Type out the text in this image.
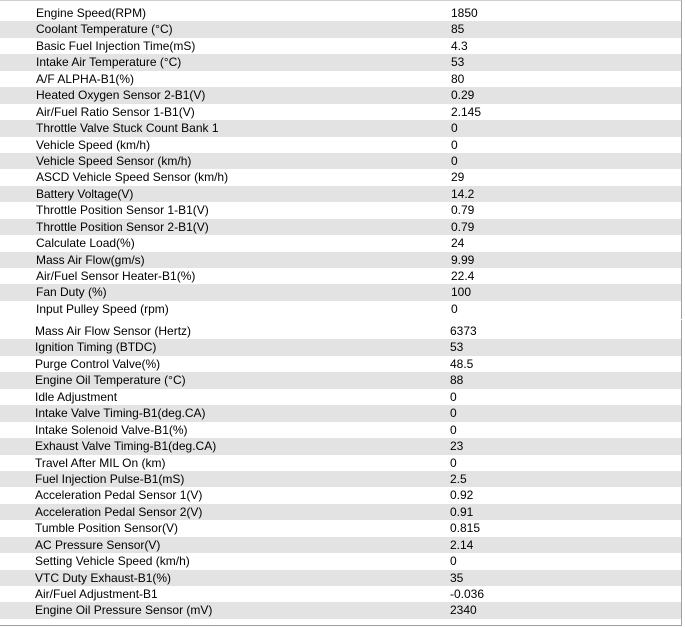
Engine Speed(RPM)	1850
Coolant Temperature (°C)	85
Basic Fuel Injection Time(mS)	4.3
Intake Air Temperature (°C)	53
A/F ALPHA-B1(%)	80
Heated Oxygen Sensor 2-B1(V)	0.29
Air/Fuel Ratio Sensor 1-B1(V)	2.145
Throttle Valve Stuck Count Bank 1	0
Vehicle Speed (km/h)	0
Vehicle Speed Sensor (km/h)	0
ASCD Vehicle Speed Sensor (km/h)	29
Battery Voltage(V)	14.2
Throttle Position Sensor 1-B1(V)	0.79
Throttle Position Sensor 2-B1(V)	0.79
Calculate Load(%)	24
Mass Air Flow(gm/s)	9.99
Air/Fuel Sensor Heater-B1(%)	22.4
Fan Duty (%)	100
Input Pulley Speed (rpm)	0
Mass Air Flow Sensor (Hertz)	6373
Ignition Timing (BTDC)	53
Purge Control Valve(%)	48.5
Engine Oil Temperature (°C)	88
Idle Adjustment	0
Intake Valve Timing-B1(deg.CA)	0
Intake Solenoid Valve-B1(%)	0
Exhaust Valve Timing-B1(deg.CA)	23
Travel After MIL On (km)	0
Fuel Injection Pulse-B1(mS)	2.5
Acceleration Pedal Sensor 1(V)	0.92
Acceleration Pedal Sensor 2(V)	0.91
Tumble Position Sensor(V)	0.815
AC Pressure Sensor(V)	2.14
Setting Vehicle Speed (km/h)	0
VTC Duty Exhaust-B1(%)	35
Air/Fuel Adjustment-B1	-0.036
Engine Oil Pressure Sensor (mV)	2340
